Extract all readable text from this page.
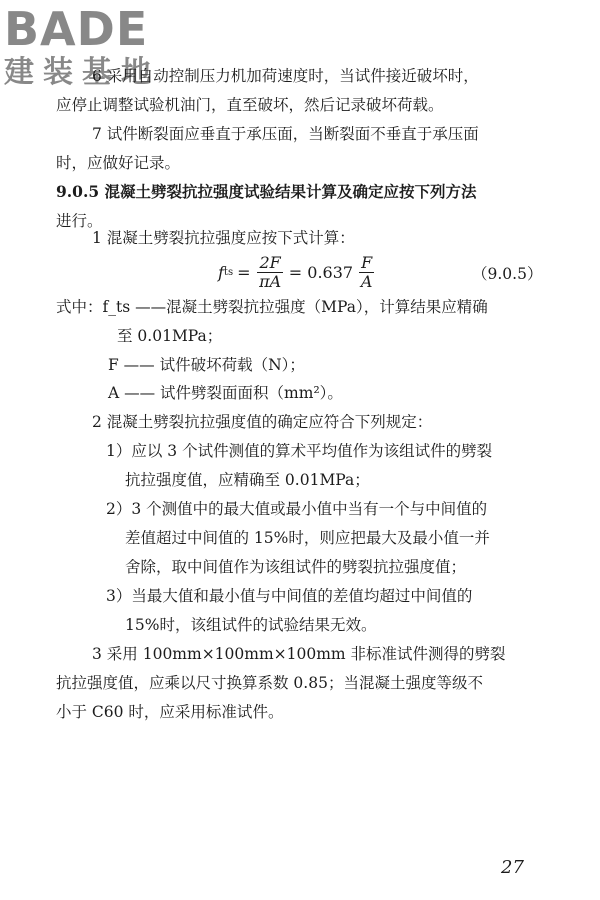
BADE
建装基地
6 采用自动控制压力机加荷速度时，当试件接近破坏时，
应停止调整试验机油门，直至破坏，然后记录破坏荷载。
7 试件断裂面应垂直于承压面，当断裂面不垂直于承压面
时，应做好记录。
9.0.5 混凝土劈裂抗拉强度试验结果计算及确定应按下列方法
进行。
1 混凝土劈裂抗拉强度应按下式计算：
f ts = $\frac{2F}{\pi A} = 0.637 \frac{F}{A}$	（9.0.5）
式中：f_ts ——混凝土劈裂抗拉强度（MPa），计算结果应精确
至 0.01MPa；
F —— 试件破坏荷载（N）；
A —— 试件劈裂面面积（mm²）。
2 混凝土劈裂抗拉强度值的确定应符合下列规定：
1）应以 3 个试件测值的算术平均值作为该组试件的劈裂
抗拉强度值，应精确至 0.01MPa；
2）3 个测值中的最大值或最小值中当有一个与中间值的
差值超过中间值的 15%时，则应把最大及最小值一并
舍除，取中间值作为该组试件的劈裂抗拉强度值；
3）当最大值和最小值与中间值的差值均超过中间值的
15%时，该组试件的试验结果无效。
3 采用 100mm×100mm×100mm 非标准试件测得的劈裂
抗拉强度值，应乘以尺寸换算系数 0.85；当混凝土强度等级不
小于 C60 时，应采用标准试件。
27
